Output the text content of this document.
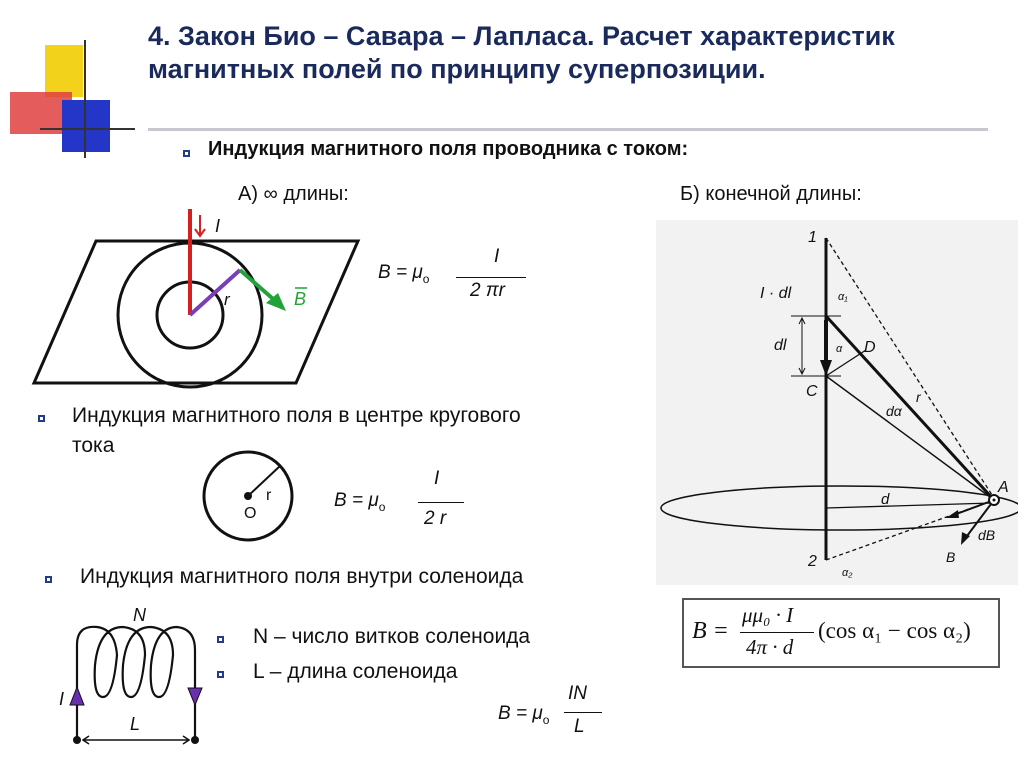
4. Закон Био – Савара – Лапласа. Расчет характеристик магнитных полей по принципу суперпозиции.
Индукция магнитного поля проводника с током:
А) ∞ длины:	Б) конечной длины:
I
r	B
$B = \mu_o$
I
2 πr
Индукция магнитного поля в центре кругового
тока
r
O
$B = \mu_o$
I
2 r
Индукция магнитного поля внутри соленоида
N
L
I
N – число витков соленоида
L – длина соленоида
$B = \mu_o$
IN
L
1
2
I · dl
dl
C
D
A
d
r
dα
α
α₁
α₂
dB
B
B =
μμ₀ · I
4π · d
(cos α₁ − cos α₂)
